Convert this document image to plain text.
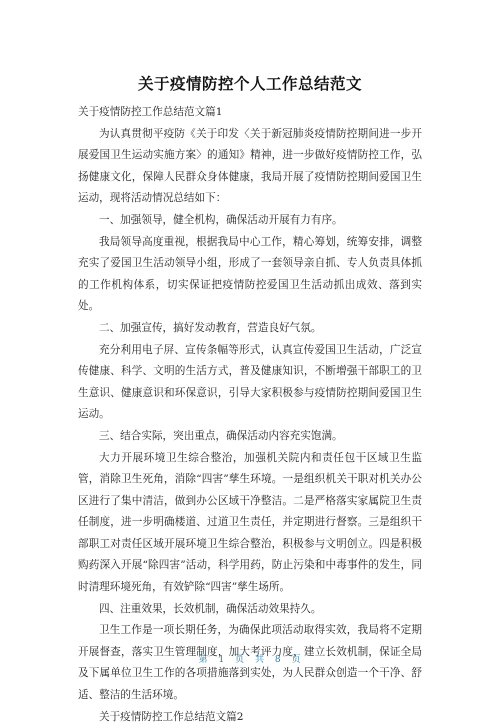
关于疫情防控个人工作总结范文

关于疫情防控工作总结范文篇1

为认真贯彻平疫防《关于印发〈关于新冠肺炎疫情防控期间进一步开展爱国卫生运动实施方案〉的通知》精神，进一步做好疫情防控工作，弘扬健康文化，保障人民群众身体健康，我局开展了疫情防控期间爱国卫生运动，现将活动情况总结如下：

一、加强领导，健全机构，确保活动开展有力有序。

我局领导高度重视，根据我局中心工作，精心筹划，统筹安排，调整充实了爱国卫生活动领导小组，形成了一套领导亲自抓、专人负责具体抓的工作机构体系，切实保证把疫情防控爱国卫生活动抓出成效、落到实处。

二、加强宣传，搞好发动教育，营造良好气氛。

充分利用电子屏、宣传条幅等形式，认真宣传爱国卫生活动，广泛宣传健康、科学、文明的生活方式，普及健康知识，不断增强干部职工的卫生意识、健康意识和环保意识，引导大家积极参与疫情防控期间爱国卫生运动。

三、结合实际，突出重点，确保活动内容充实饱满。

大力开展环境卫生综合整治，加强机关院内和责任包干区域卫生监管，消除卫生死角，消除“四害”孳生环境。一是组织机关干职对机关办公区进行了集中清洁，做到办公区域干净整洁。二是严格落实家属院卫生责任制度，进一步明确楼道、过道卫生责任，并定期进行督察。三是组织干部职工对责任区域开展环境卫生综合整治，积极参与文明创立。四是积极购药深入开展“除四害”活动，科学用药，防止污染和中毒事件的发生，同时清理环境死角，有效铲除“四害”孳生场所。

四、注重效果，长效机制，确保活动效果持久。

卫生工作是一项长期任务，为确保此项活动取得实效，我局将不定期开展督查，落实卫生管理制度，加大考评力度，建立长效机制，保证全局及下属单位卫生工作的各项措施落到实处，为人民群众创造一个干净、舒适、整洁的生活环境。

关于疫情防控工作总结范文篇2

第 1 页 共 8 页
